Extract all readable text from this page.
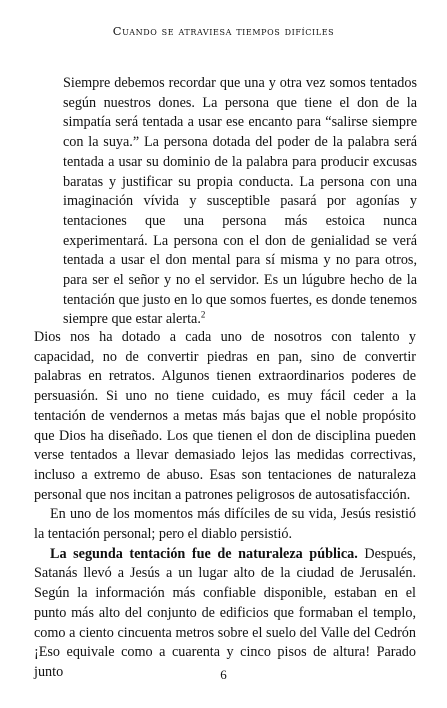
Cuando se atraviesa tiempos difíciles

Siempre debemos recordar que una y otra vez somos tentados según nuestros dones. La persona que tiene el don de la simpatía será tentada a usar ese encanto para “salirse siempre con la suya.” La persona dotada del poder de la palabra será tentada a usar su dominio de la palabra para producir excusas baratas y justificar su propia conducta. La persona con una imaginación vívida y susceptible pasará por agonías y tentaciones que una persona más estoica nunca experimentará. La persona con el don de genialidad se verá tentada a usar el don mental para sí misma y no para otros, para ser el señor y no el servidor. Es un lúgubre hecho de la tentación que justo en lo que somos fuertes, es donde tenemos siempre que estar alerta.$^2$

Dios nos ha dotado a cada uno de nosotros con talento y capacidad, no de convertir piedras en pan, sino de convertir palabras en retratos. Algunos tienen extraordinarios poderes de persuasión. Si uno no tiene cuidado, es muy fácil ceder a la tentación de vendernos a metas más bajas que el noble propósito que Dios ha diseñado. Los que tienen el don de disciplina pueden verse tentados a llevar demasiado lejos las medidas correctivas, incluso a extremo de abuso. Esas son tentaciones de naturaleza personal que nos incitan a patrones peligrosos de autosatisfacción.

En uno de los momentos más difíciles de su vida, Jesús resistió la tentación personal; pero el diablo persistió.

La segunda tentación fue de naturaleza pública. Después, Satanás llevó a Jesús a un lugar alto de la ciudad de Jerusalén. Según la información más confiable disponible, estaban en el punto más alto del conjunto de edificios que formaban el templo, como a ciento cincuenta metros sobre el suelo del Valle del Cedrón ¡Eso equivale como a cuarenta y cinco pisos de altura! Parado junto	6
